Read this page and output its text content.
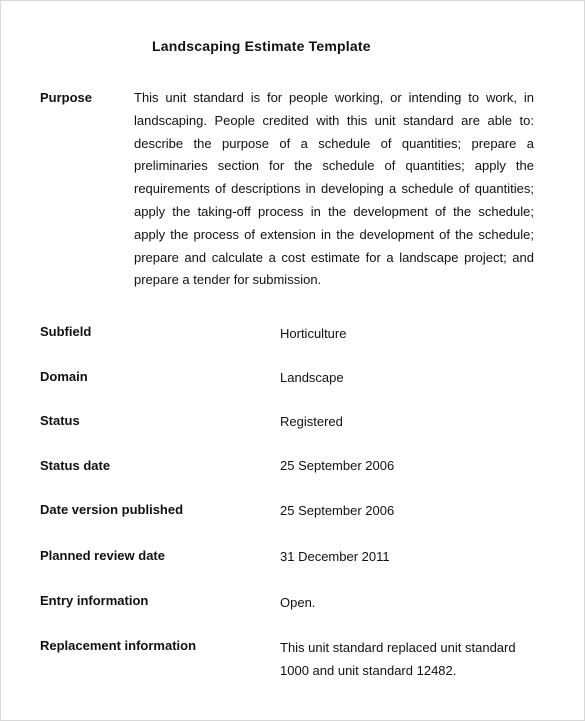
Landscaping Estimate Template
Purpose	This unit standard is for people working, or intending to work, in
landscaping. People credited with this unit standard are able to:
describe the purpose of a schedule of quantities; prepare a
preliminaries section for the schedule of quantities; apply the
requirements of descriptions in developing a schedule of quantities;
apply the taking-off process in the development of the schedule;
apply the process of extension in the development of the schedule;
prepare and calculate a cost estimate for a landscape project; and
prepare a tender for submission.
Subfield	Horticulture
Domain	Landscape
Status	Registered
Status date	25 September 2006
Date version published	25 September 2006
Planned review date	31 December 2011
Entry information	Open.
Replacement information	This unit standard replaced unit standard
1000 and unit standard 12482.
